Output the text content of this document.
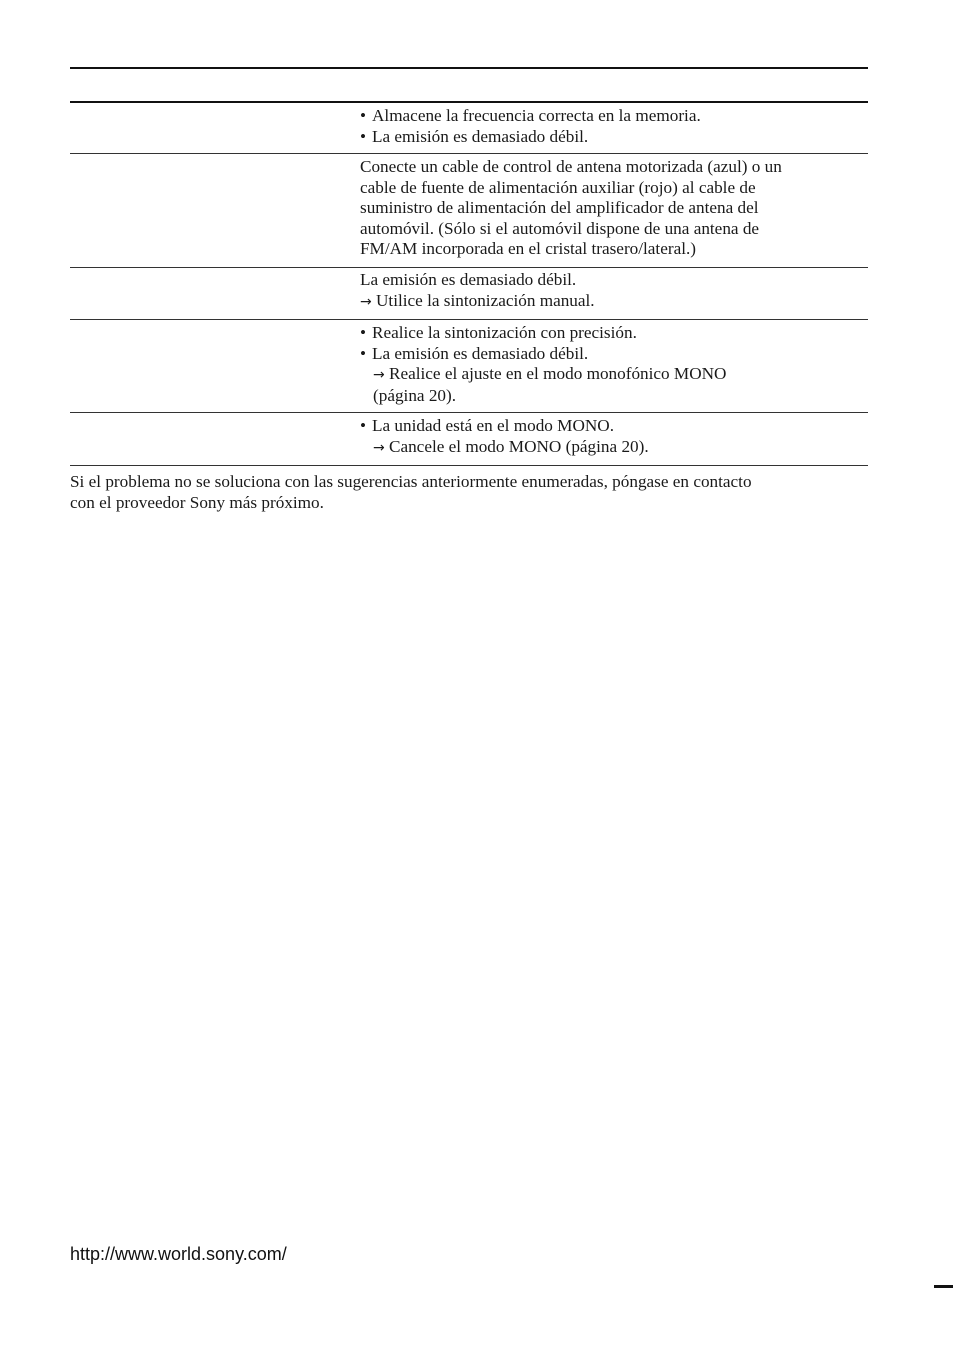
• Almacene la frecuencia correcta en la memoria.
• La emisión es demasiado débil.
Conecte un cable de control de antena motorizada (azul) o un
cable de fuente de alimentación auxiliar (rojo) al cable de
suministro de alimentación del amplificador de antena del
automóvil. (Sólo si el automóvil dispone de una antena de
FM/AM incorporada en el cristal trasero/lateral.)
La emisión es demasiado débil.
→ Utilice la sintonización manual.
• Realice la sintonización con precisión.
• La emisión es demasiado débil.
→ Realice el ajuste en el modo monofónico MONO
(página 20).
• La unidad está en el modo MONO.
→ Cancele el modo MONO (página 20).
Si el problema no se soluciona con las sugerencias anteriormente enumeradas, póngase en contacto
con el proveedor Sony más próximo.
http://www.world.sony.com/
